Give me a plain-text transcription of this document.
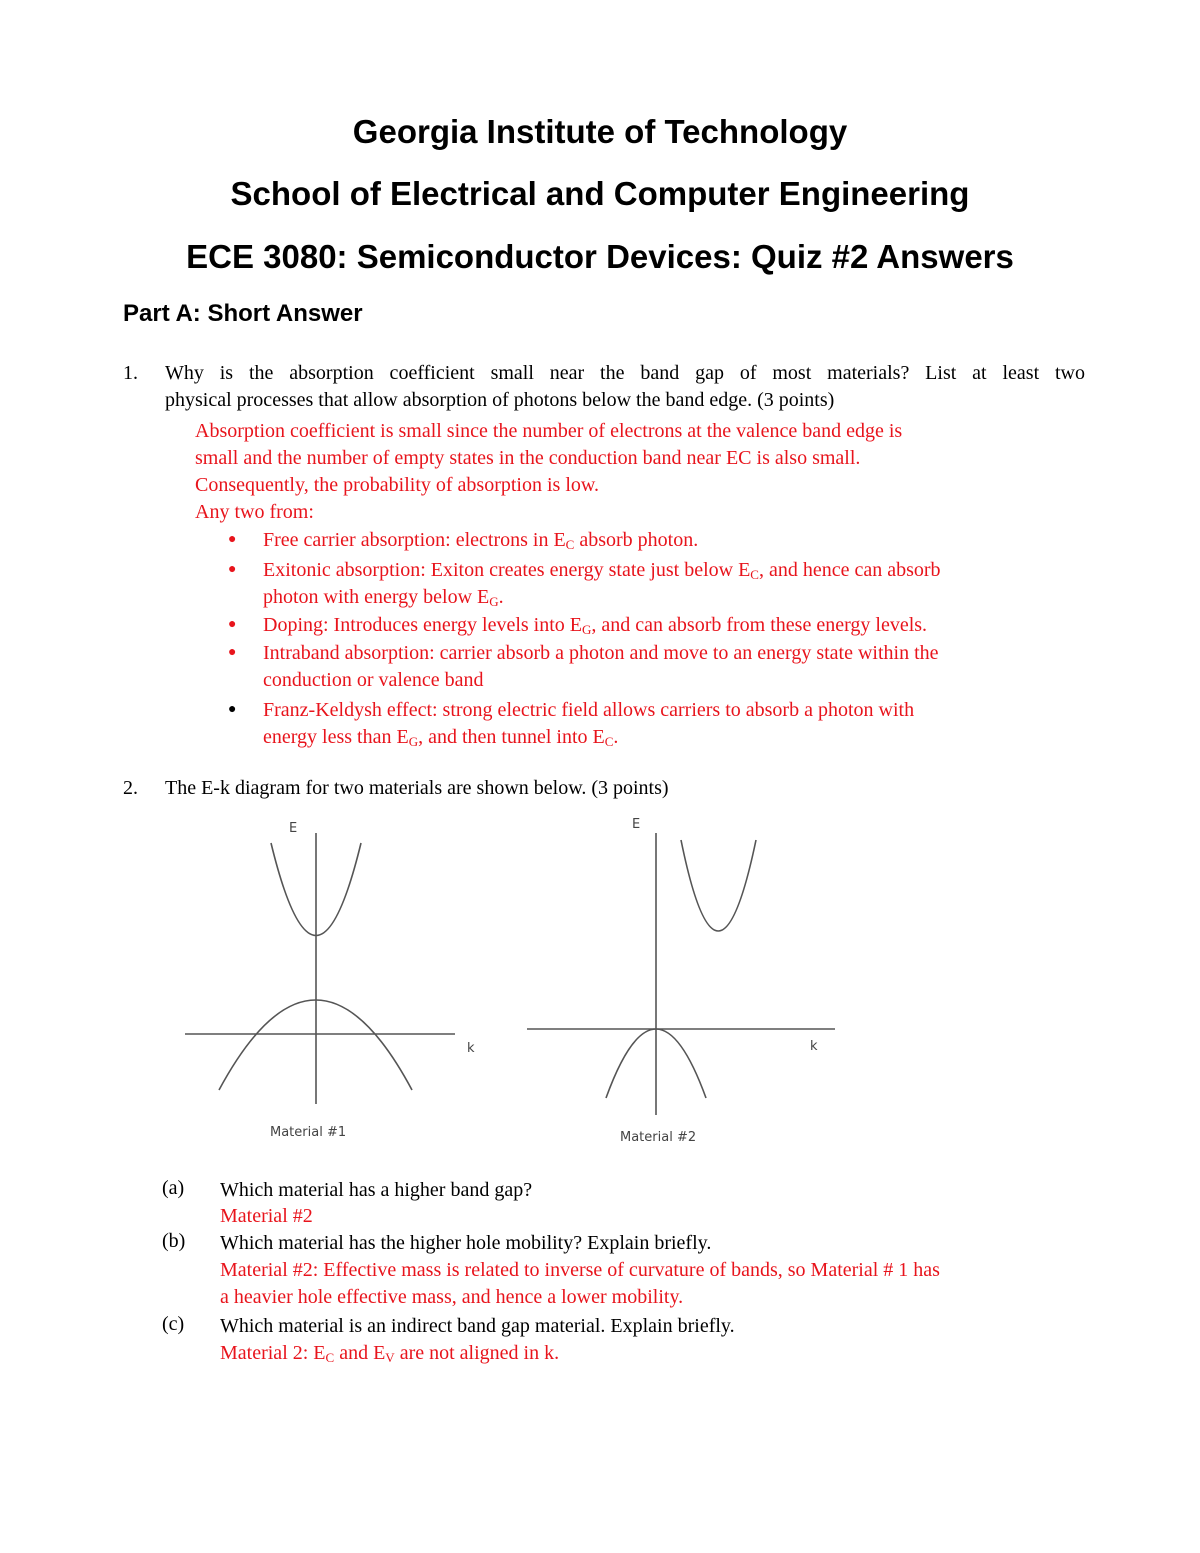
Georgia Institute of Technology
School of Electrical and Computer Engineering
ECE 3080: Semiconductor Devices: Quiz #2 Answers
Part A: Short Answer
1. Why is the absorption coefficient small near the band gap of most materials? List at least two
physical processes that allow absorption of photons below the band edge. (3 points)
Absorption coefficient is small since the number of electrons at the valence band edge is
small and the number of empty states in the conduction band near EC is also small.
Consequently, the probability of absorption is low.
Any two from:
● Free carrier absorption: electrons in $E_C$ absorb photon.
● Exitonic absorption: Exiton creates energy state just below $E_C$, and hence can absorb
photon with energy below $E_G$.
● Doping: Introduces energy levels into $E_G$, and can absorb from these energy levels.
● Intraband absorption: carrier absorb a photon and move to an energy state within the
conduction or valence band
● Franz-Keldysh effect: strong electric field allows carriers to absorb a photon with
energy less than $E_G$, and then tunnel into $E_C$.
2. The E-k diagram for two materials are shown below. (3 points)
E
k
Material #1
E
k
Material #2
(a) Which material has a higher band gap?
Material #2
(b) Which material has the higher hole mobility? Explain briefly.
Material #2: Effective mass is related to inverse of curvature of bands, so Material # 1 has
a heavier hole effective mass, and hence a lower mobility.
(c) Which material is an indirect band gap material. Explain briefly.
Material 2: $E_C$ and $E_V$ are not aligned in k.
